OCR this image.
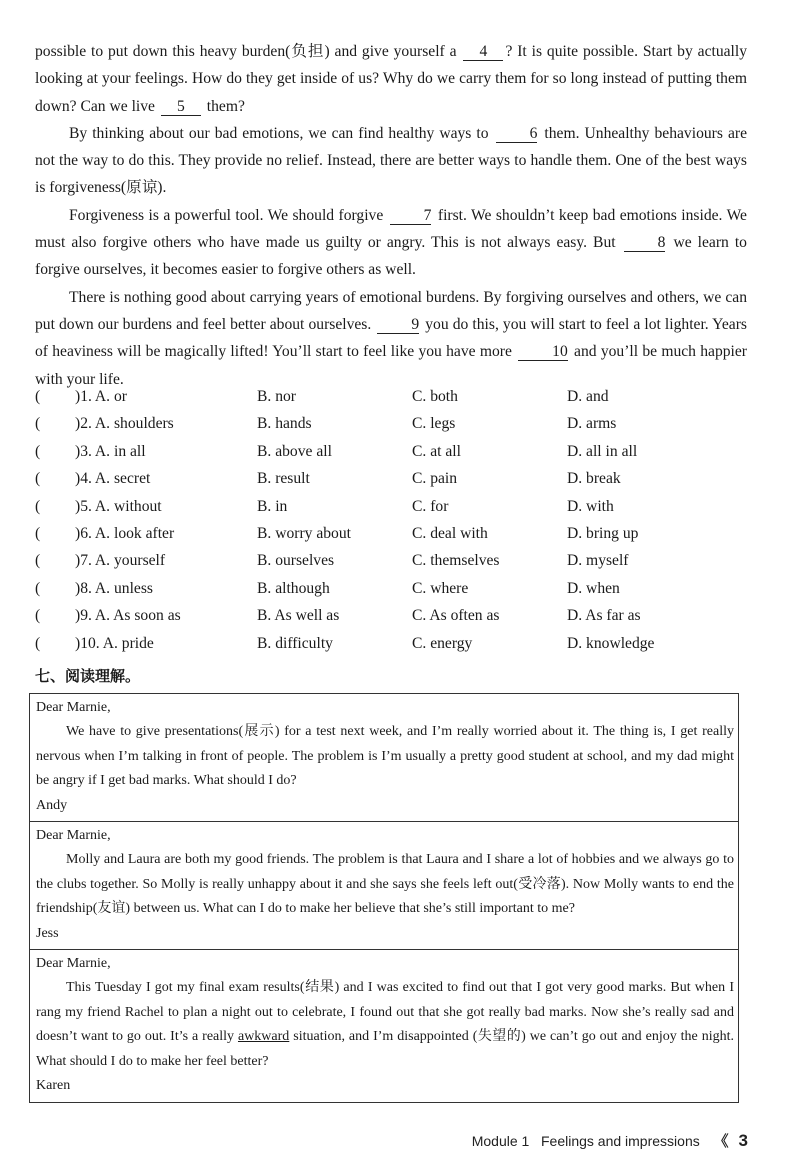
possible to put down this heavy burden(负担) and give yourself a 4 ? It is quite possible. Start by actually looking at your feelings. How do they get inside of us? Why do we carry them for so long instead of putting them down? Can we live 5 them?

By thinking about our bad emotions, we can find healthy ways to	6 them. Unhealthy behaviours are not the way to do this. They provide no relief. Instead, there are better ways to handle them. One of the best ways is forgiveness(原谅).

Forgiveness is a powerful tool. We should forgive	7 first. We shouldn’t keep bad emotions inside. We must also forgive others who have made us guilty or angry. This is not always easy. But	8 we learn to forgive ourselves, it becomes easier to forgive others as well.

There is nothing good about carrying years of emotional burdens. By forgiving ourselves and others, we can put down our burdens and feel better about ourselves.	9 you do this, you will start to feel a lot lighter. Years of heaviness will be magically lifted! You’ll start to feel like you have more	10 and you’ll be much happier with your life.

( )1. A. or	B. nor	C. both	D. and
( )2. A. shoulders	B. hands	C. legs	D. arms
( )3. A. in all	B. above all	C. at all	D. all in all
( )4. A. secret	B. result	C. pain	D. break
( )5. A. without	B. in	C. for	D. with
( )6. A. look after	B. worry about	C. deal with	D. bring up
( )7. A. yourself	B. ourselves	C. themselves	D. myself
( )8. A. unless	B. although	C. where	D. when
( )9. A. As soon as	B. As well as	C. As often as	D. As far as
( )10. A. pride	B. difficulty	C. energy	D. knowledge
七、阅读理解。

Dear Marnie,

We have to give presentations(展示) for a test next week, and I’m really worried about it. The thing is, I get really nervous when I’m talking in front of people. The problem is I’m usually a pretty good student at school, and my dad might be angry if I get bad marks. What should I do?

Andy

Dear Marnie,

Molly and Laura are both my good friends. The problem is that Laura and I share a lot of hobbies and we always go to the clubs together. So Molly is really unhappy about it and she says she feels left out(受冷落). Now Molly wants to end the friendship(友谊) between us. What can I do to make her believe that she’s still important to me?

Jess

Dear Marnie,

This Tuesday I got my final exam results(结果) and I was excited to find out that I got very good marks. But when I rang my friend Rachel to plan a night out to celebrate, I found out that she got really bad marks. Now she’s really sad and doesn’t want to go out. It’s a really awkward situation, and I’m disappointed (失望的) we can’t go out and enjoy the night. What should I do to make her feel better?

Karen

Module 1 Feelings and impressions 《 3
